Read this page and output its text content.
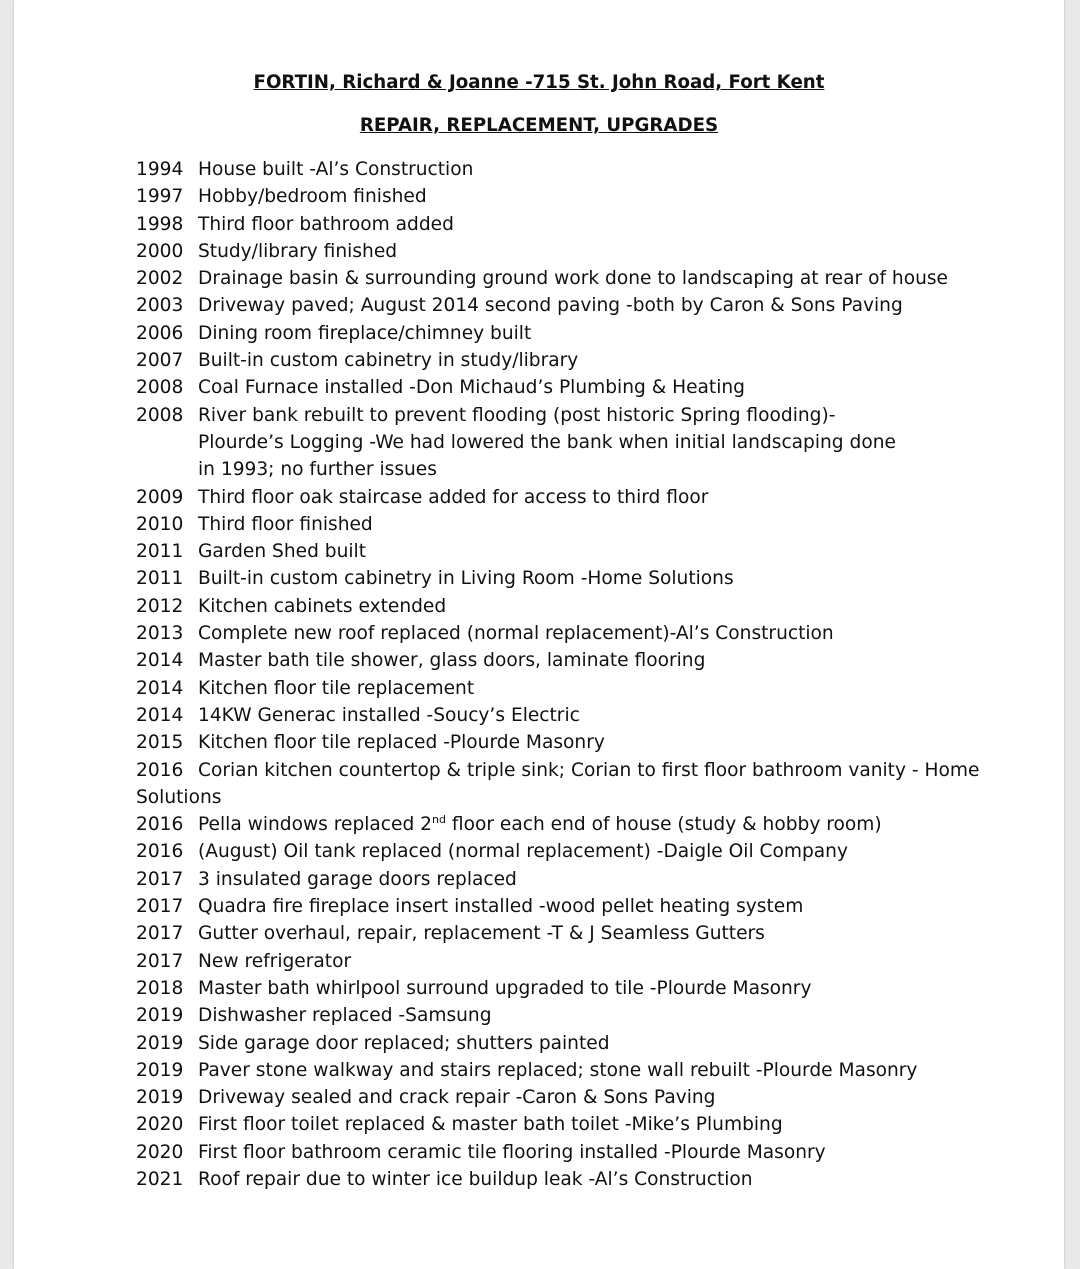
FORTIN, Richard & Joanne -715 St. John Road, Fort Kent
REPAIR, REPLACEMENT, UPGRADES
1994 House built -Al’s Construction
1997 Hobby/bedroom finished
1998 Third floor bathroom added
2000 Study/library finished
2002 Drainage basin & surrounding ground work done to landscaping at rear of house
2003 Driveway paved; August 2014 second paving -both by Caron & Sons Paving
2006 Dining room fireplace/chimney built
2007 Built-in custom cabinetry in study/library
2008 Coal Furnace installed -Don Michaud’s Plumbing & Heating
2008 River bank rebuilt to prevent flooding (post historic Spring flooding)-Plourde’s Logging -We had lowered the bank when initial landscaping done in 1993; no further issues
2009 Third floor oak staircase added for access to third floor
2010 Third floor finished
2011 Garden Shed built
2011 Built-in custom cabinetry in Living Room -Home Solutions
2012 Kitchen cabinets extended
2013 Complete new roof replaced (normal replacement)-Al’s Construction
2014 Master bath tile shower, glass doors, laminate flooring
2014 Kitchen floor tile replacement
2014 14KW Generac installed -Soucy’s Electric
2015 Kitchen floor tile replaced -Plourde Masonry
2016 Corian kitchen countertop & triple sink; Corian to first floor bathroom vanity - Home Solutions
2016 Pella windows replaced 2nd floor each end of house (study & hobby room)
2016 (August) Oil tank replaced (normal replacement) -Daigle Oil Company
2017 3 insulated garage doors replaced
2017 Quadra fire fireplace insert installed -wood pellet heating system
2017 Gutter overhaul, repair, replacement -T & J Seamless Gutters
2017 New refrigerator
2018 Master bath whirlpool surround upgraded to tile -Plourde Masonry
2019 Dishwasher replaced -Samsung
2019 Side garage door replaced; shutters painted
2019 Paver stone walkway and stairs replaced; stone wall rebuilt -Plourde Masonry
2019 Driveway sealed and crack repair -Caron & Sons Paving
2020 First floor toilet replaced & master bath toilet -Mike’s Plumbing
2020 First floor bathroom ceramic tile flooring installed -Plourde Masonry
2021 Roof repair due to winter ice buildup leak -Al’s Construction
